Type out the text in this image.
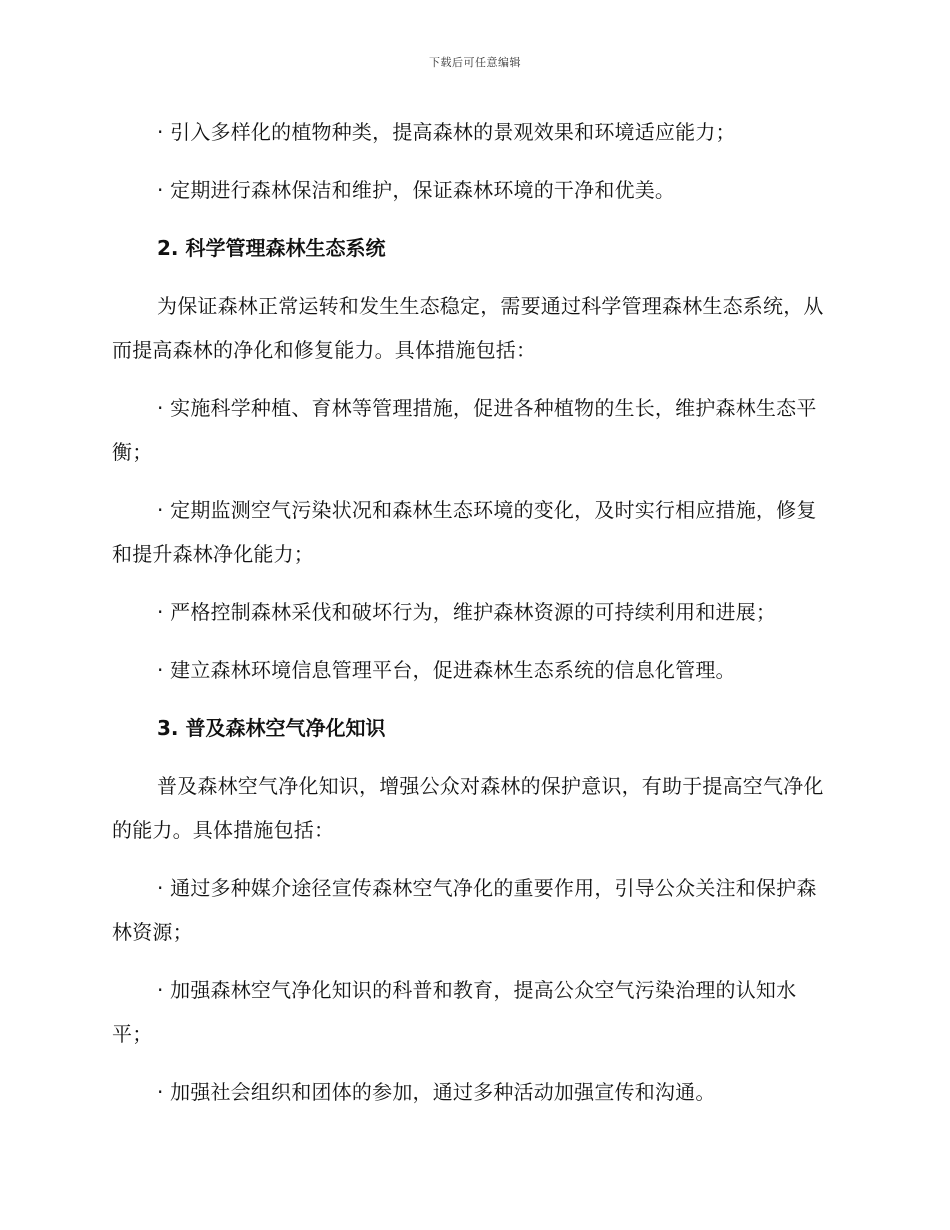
下载后可任意编辑

· 引入多样化的植物种类，提高森林的景观效果和环境适应能力；

· 定期进行森林保洁和维护，保证森林环境的干净和优美。

2. 科学管理森林生态系统

为保证森林正常运转和发生生态稳定，需要通过科学管理森林生态系统，从而提高森林的净化和修复能力。具体措施包括：

· 实施科学种植、育林等管理措施，促进各种植物的生长，维护森林生态平衡；

· 定期监测空气污染状况和森林生态环境的变化，及时实行相应措施，修复和提升森林净化能力；

· 严格控制森林采伐和破坏行为，维护森林资源的可持续利用和进展；

· 建立森林环境信息管理平台，促进森林生态系统的信息化管理。

3. 普及森林空气净化知识

普及森林空气净化知识，增强公众对森林的保护意识，有助于提高空气净化的能力。具体措施包括：

· 通过多种媒介途径宣传森林空气净化的重要作用，引导公众关注和保护森林资源；

· 加强森林空气净化知识的科普和教育，提高公众空气污染治理的认知水平；

· 加强社会组织和团体的参加，通过多种活动加强宣传和沟通。
